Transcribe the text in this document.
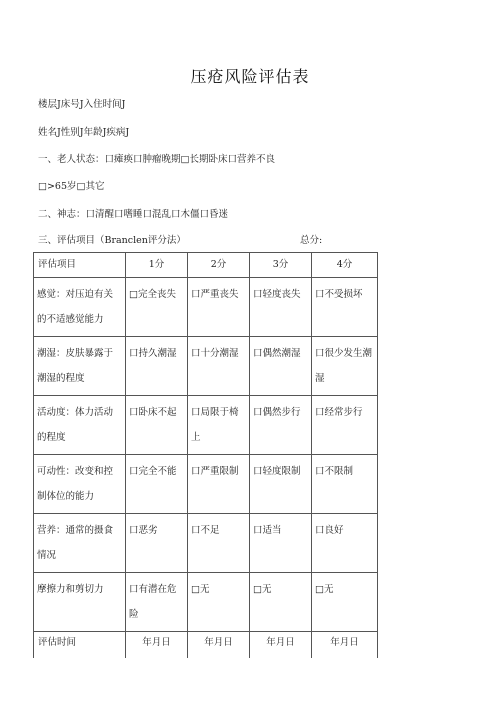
压疮风险评估表
楼层J床号J入住时间J
姓名J性别J年龄J疾病J
一、老人状态：口瘫痪口肿瘤晚期□长期卧床口营养不良
□>65岁□其它
二、神志：口清醒口嗜睡口混乱口木僵口昏迷
三、评估项目（Branclen评分法）	总分:
评估项目	1分	2分	3分	4分
感觉：对压迫有关的不适感觉能力	□完全丧失	口严重丧失	口轻度丧失	口不受损坏
潮湿：皮肤暴露于潮湿的程度	口持久潮湿	口十分潮湿	口偶然潮湿	口很少发生潮湿
活动度：体力活动的程度	口卧床不起	口局限于椅上	口偶然步行	口经常步行
可动性：改变和控制体位的能力	口完全不能	口严重限制	口轻度限制	口不限制
营养：通常的摄食情况	口恶劣	口不足	口适当	口良好
摩擦力和剪切力	口有潜在危险	□无	□无	□无
评估时间	年月日	年月日	年月日	年月日
